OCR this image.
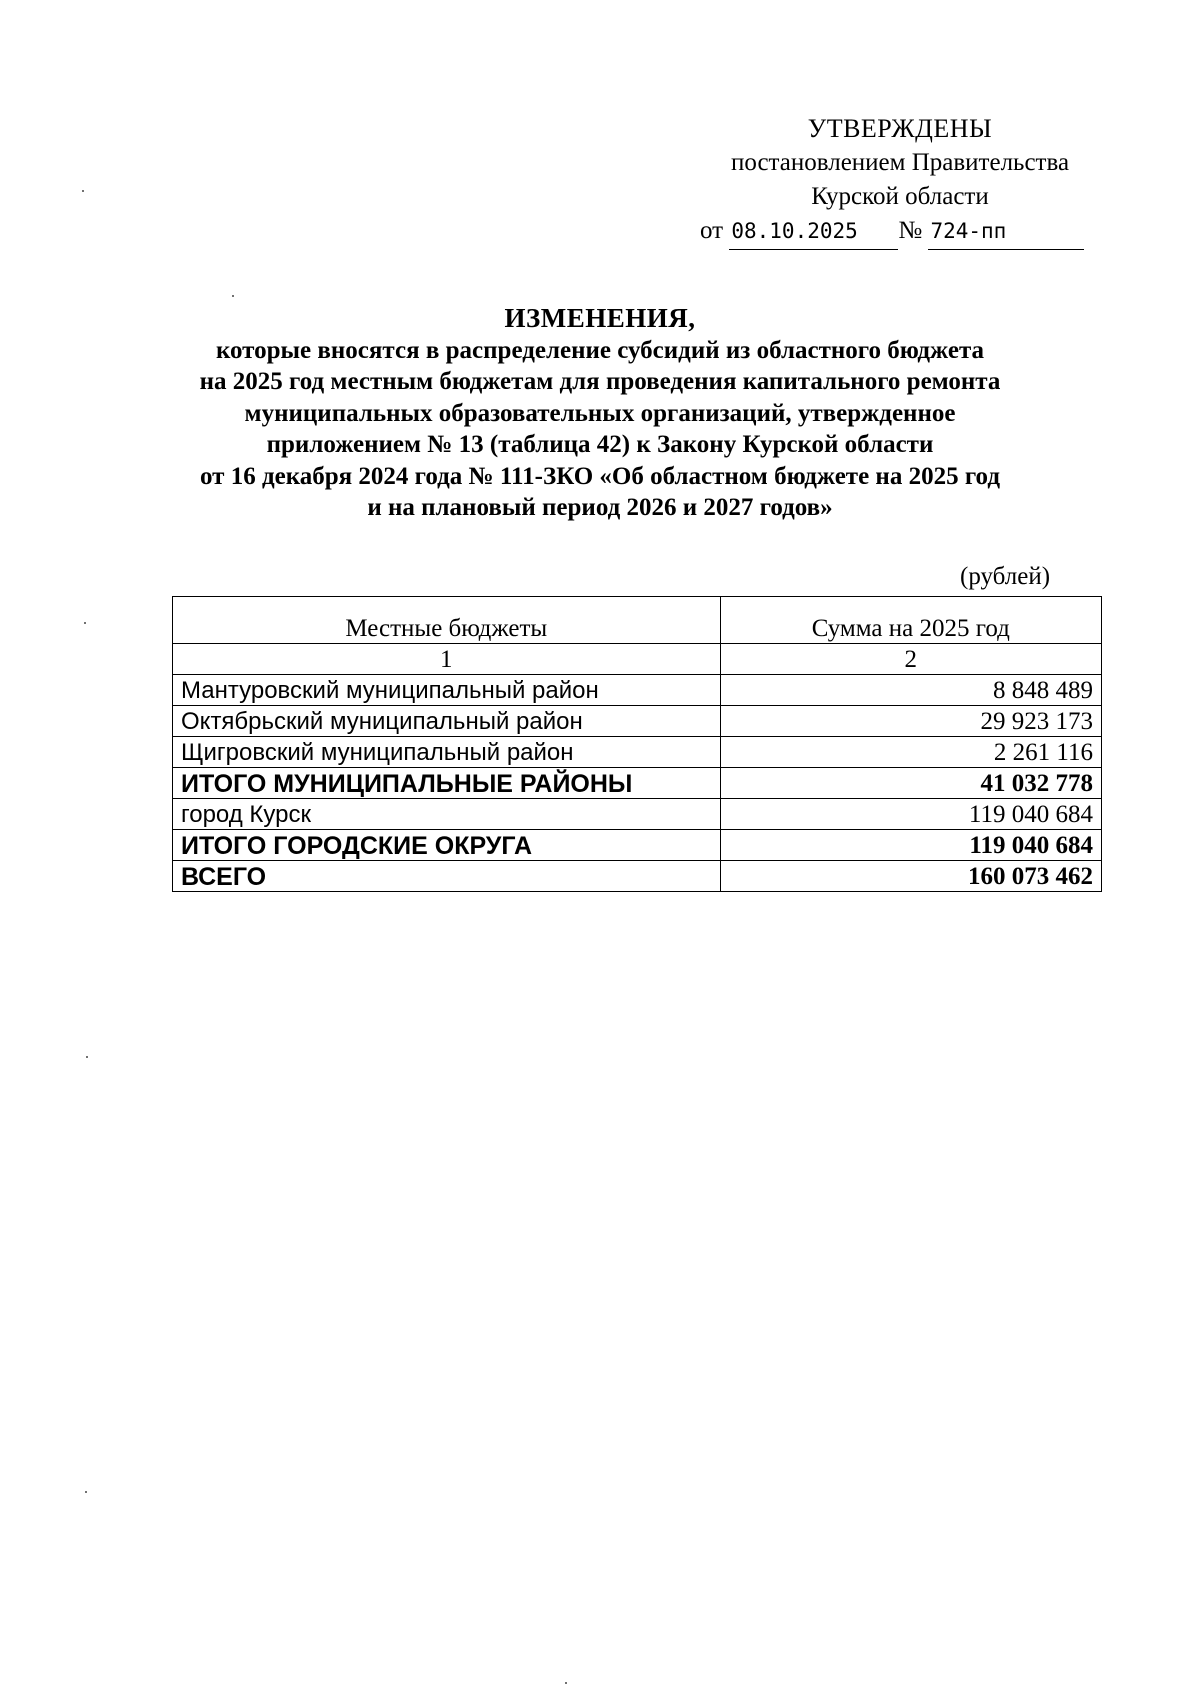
УТВЕРЖДЕНЫ
постановлением Правительства
Курской области
от 08.10.2025 № 724-пп
ИЗМЕНЕНИЯ,
которые вносятся в распределение субсидий из областного бюджета
на 2025 год местным бюджетам для проведения капитального ремонта
муниципальных образовательных организаций, утвержденное
приложением № 13 (таблица 42) к Закону Курской области
от 16 декабря 2024 года № 111-ЗКО «Об областном бюджете на 2025 год
и на плановый период 2026 и 2027 годов»
(рублей)
Местные бюджеты	Сумма на 2025 год
1	2
Мантуровский муниципальный район	8 848 489
Октябрьский муниципальный район	29 923 173
Щигровский муниципальный район	2 261 116
ИТОГО МУНИЦИПАЛЬНЫЕ РАЙОНЫ	41 032 778
город Курск	119 040 684
ИТОГО ГОРОДСКИЕ ОКРУГА	119 040 684
ВСЕГО	160 073 462
